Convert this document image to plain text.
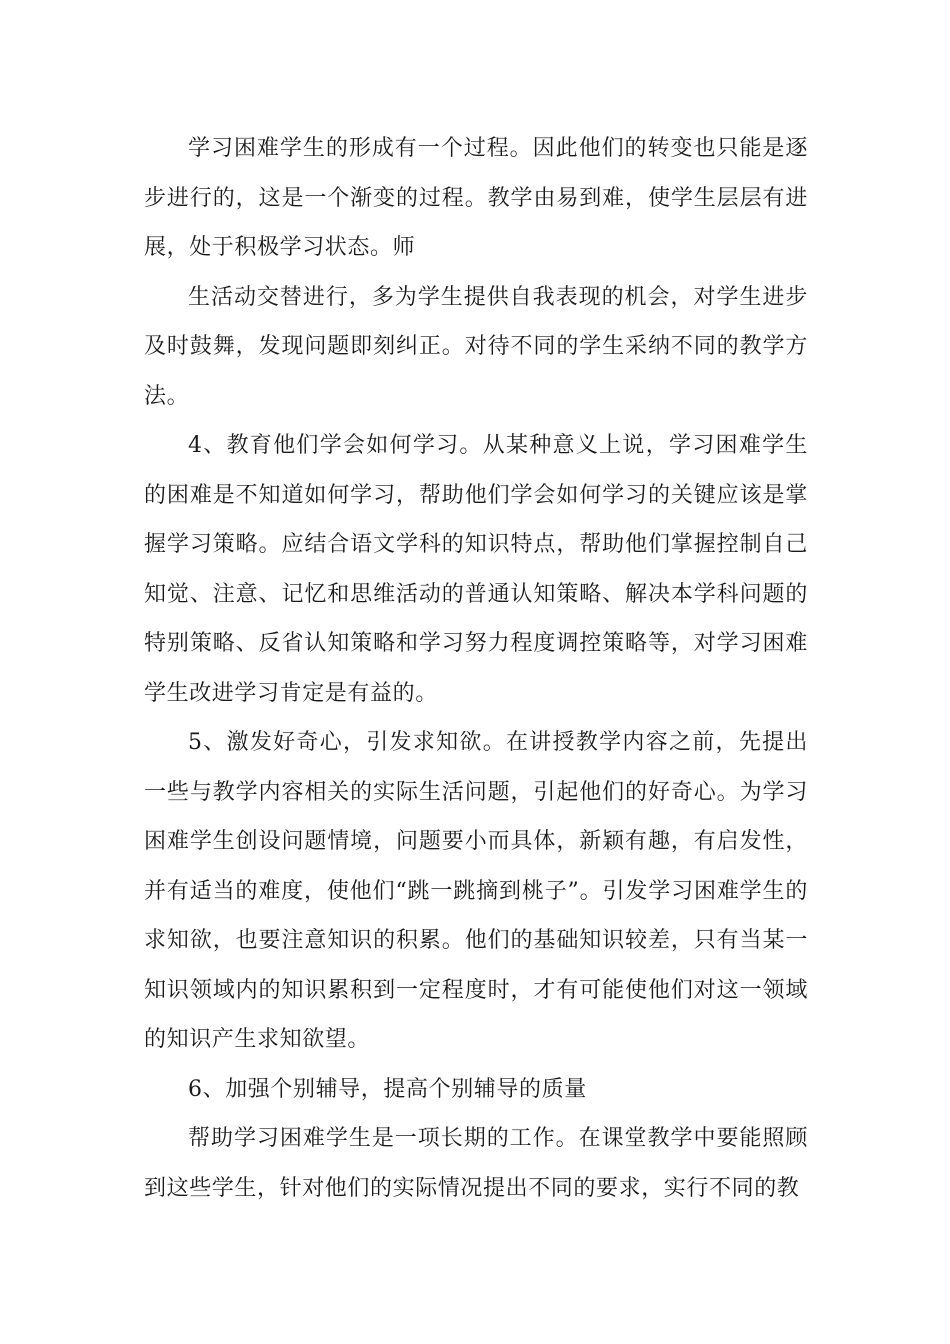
学习困难学生的形成有一个过程。因此他们的转变也只能是逐步进行的，这是一个渐变的过程。教学由易到难，使学生层层有进展，处于积极学习状态。师

生活动交替进行，多为学生提供自我表现的机会，对学生进步及时鼓舞，发现问题即刻纠正。对待不同的学生采纳不同的教学方法。

4、教育他们学会如何学习。从某种意义上说，学习困难学生的困难是不知道如何学习，帮助他们学会如何学习的关键应该是掌握学习策略。应结合语文学科的知识特点，帮助他们掌握控制自己知觉、注意、记忆和思维活动的普通认知策略、解决本学科问题的特别策略、反省认知策略和学习努力程度调控策略等，对学习困难学生改进学习肯定是有益的。

5、激发好奇心，引发求知欲。在讲授教学内容之前，先提出一些与教学内容相关的实际生活问题，引起他们的好奇心。为学习困难学生创设问题情境，问题要小而具体，新颖有趣，有启发性，并有适当的难度，使他们“跳一跳摘到桃子”。引发学习困难学生的求知欲，也要注意知识的积累。他们的基础知识较差，只有当某一知识领域内的知识累积到一定程度时，才有可能使他们对这一领域的知识产生求知欲望。

6、加强个别辅导，提高个别辅导的质量

帮助学习困难学生是一项长期的工作。在课堂教学中要能照顾到这些学生，针对他们的实际情况提出不同的要求，实行不同的教
